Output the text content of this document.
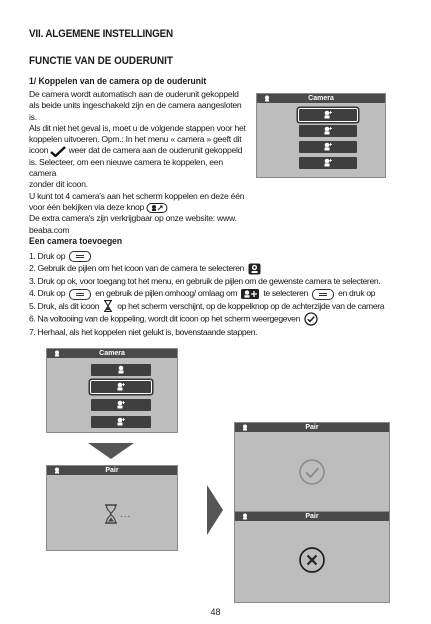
VII. ALGEMENE INSTELLINGEN
FUNCTIE VAN DE OUDERUNIT
1/ Koppelen van de camera op de ouderunit

De camera wordt automatisch aan de ouderunit gekoppeld

als beide units ingeschakeld zijn en de camera aangesloten is.

Als dit niet het geval is, moet u de volgende stappen voor het

koppelen uitvoeren. Opm.: In het menu « camera » geeft dit

icoon weer dat de camera aan de ouderunit gekoppeld

is. Selecteer, om een nieuwe camera te koppelen, een camera

zonder dit icoon.

U kunt tot 4 camera's aan het scherm koppelen en deze één

voor één bekijken via deze knop

De extra camera's zijn verkrijgbaar op onze website: www.

beaba.com

Camera
Een camera toevoegen
1. Druk op
2. Gebruik de pijlen om het icoon van de camera te selecteren
3. Druk op ok, voor toegang tot het menu, en gebruik de pijlen om de gewenste camera te selecteren.
4. Druk op	en gebruik de pijlen omhoog/ omlaag om	te selecteren	en druk op
5. Druk, als dit icoon op het scherm verschijnt, op de koppelknop op de achterzijde van de camera
6. Na voltooiing van de koppeling, wordt dit icoon op het scherm weergegeven
7. Herhaal, als het koppelen niet gelukt is, bovenstaande stappen.
Camera
Pair
...
Pair
Pair
48
